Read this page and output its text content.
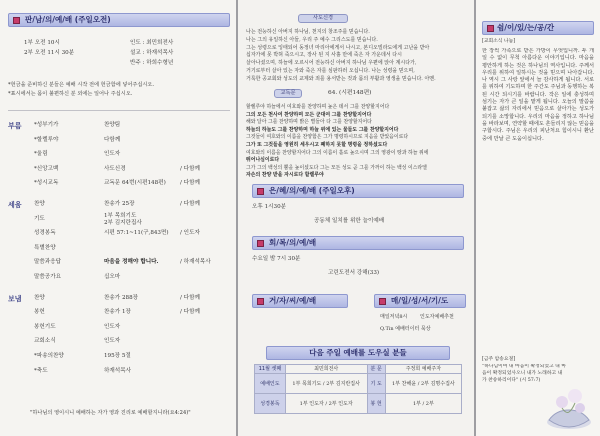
판/남/의/예/배 (주일오전)
1부 오전 10시	인도 : 최민희전사
2부 오전 11시 30분	설교 : 하재석목사
반주 : 하희수형년
*헌금을 준비하신 분들은 예배 시작 전에 헌금함에 넣어주십시오.
*표시에서는 몸이 불편하신 분 외에는 일어나 주십시오.
부름 *성부기가	찬양팀
*할렐루야	다함께
*울림	인도자
*신앙고백	사도신경	/ 다함께
*성시교독	교독문 64번(시편148편)	/ 다함께
세움 찬양	찬송가 25장	/ 다함께
기도	1부 목희기도
2부 김지란집사
성경봉독	시편 57:1~11(구,843면) / 인도자
특별찬양
말씀과응답	마음을 정해야 합니다.	/ 하재석목사
말씀공가요	십오마
보냄 찬양	찬송가 288장	/ 다함께
봉헌	찬송가 1장	/ 다함께
봉헌기도	인도자
교회소식	인도자
*파송의찬양	195장 5절
*축도	하재석목사
"하나님의 영이시니 예배하는 자가 영과 진리로 예배할지니라(요4:24)"
사도신경
나는 전능하신 아버지 하나님, 천지의 창조주를 믿습니다.
나는 그의 유일하신 아들, 우리 주 예수 그리스도를 믿습니다.
그는 성령으로 잉태되어 동정녀 마리아에게서 나시고, 본디오빌라도에게 고난을 받아
십자가에 못 박혀 죽으시고, 장사 된 지 사흘 만에 죽은 자 가운데서 다시
살아나셨으며, 하늘에 오르시어 전능하신 아버지 하나님 우편에 앉아 계시다가,
거기로부터 살아 있는 자와 죽은 자를 심판하러 오십니다. 나는 성령을 믿으며,
거룩한 공교회와 성도의 교제와 죄를 용서받는 것과 몸의 부활과 영생을 믿습니다. 아멘.
교독문	64. (시편148편)
할렐루야 하늘에서 여호와를 찬양하며 높은 데서 그를 찬양할지어다
그의 모든 천사여 찬양하며 모든 군대여 그를 찬양할지어다
해와 달아 그를 찬양하며 밝은 별들아 다 그를 찬양할지어다
하늘의 하늘도 그를 찬양하며 하늘 위에 있는 물들도 그를 찬양할지어다
그것들이 여호와의 이름을 찬양함은 그가 명령하시므로 지음을 받았음이로다
그가 또 그것들을 영원히 세우시고 폐하지 못할 명령을 정하셨도다
여호와의 이름을 찬양할지어다 그의 이름이 홀로 높으시며 그의 영광이 땅과 하늘 위에
뛰어나심이로다
그가 그의 백성의 뿔을 높이셨도다 그는 모든 성도 곧 그를 가까이 하는 백성 이스라엘
자손의 찬양 받을 자시로다 할렐루야
은/혜/의/예/배 (주일오후)
오후 1시30분
공동체 일치를 위한 늘이예배
회/복/의/예/배
수요일 밤 7시 30분
고린도전서 강해(33)
거/자/씨/예/배	매/일/성/서/기/도
매일저녁8시	인도자예배추천
Q.Tin 예배터이터 묵상
다음 주일 예배를 도우실 분들
11월 셋째	최민희전사	분 문	주정희 예배주자
예배인도	1부 목희기도 / 2부 김지란집사	기 도	1부 찬해윤 / 2부 김명수집사
성경봉독	1부 인도자 / 2부 인도자	봉 헌	1부 / 2부
쉼/이/있/는/공/간
[교회소식 나눔]
한 장씩 가족으로 받은 가방이 무엇입니까. 두 개일 수 없이 무척 아름다운 이야기입니다. 마음을 평안하게 하는 것은 하나님의 역사입니다. 주께서 우리를 위하여 일하시는 것을 믿으며 나아갑니다. 나 역시 그 사랑 앞에서 늘 감사하게 됩니다. 서로를 위하여 기도하며 한 주간도 주님과 동행하는 복된 시간 되시기를 바랍니다. 작은 일에 충성하며 섬기는 자가 큰 일을 맡게 됩니다. 오늘의 말씀을 붙잡고 삶의 자리에서 믿음으로 살아가는 성도가 되기를 소망합니다. 우리의 마음을 정하고 하나님을 바라보며, 연약할 때에도 흔들리지 않는 믿음을 구합시다. 주님은 우리의 피난처요 힘이시니 환난 중에 만날 큰 도움이십니다.
[금주 암송요절]
"하나님이여 내 마음이 확정되었고 내 마음이 확정되었사오니 내가 노래하고 내가 찬송하리이다" (시 57:7)
